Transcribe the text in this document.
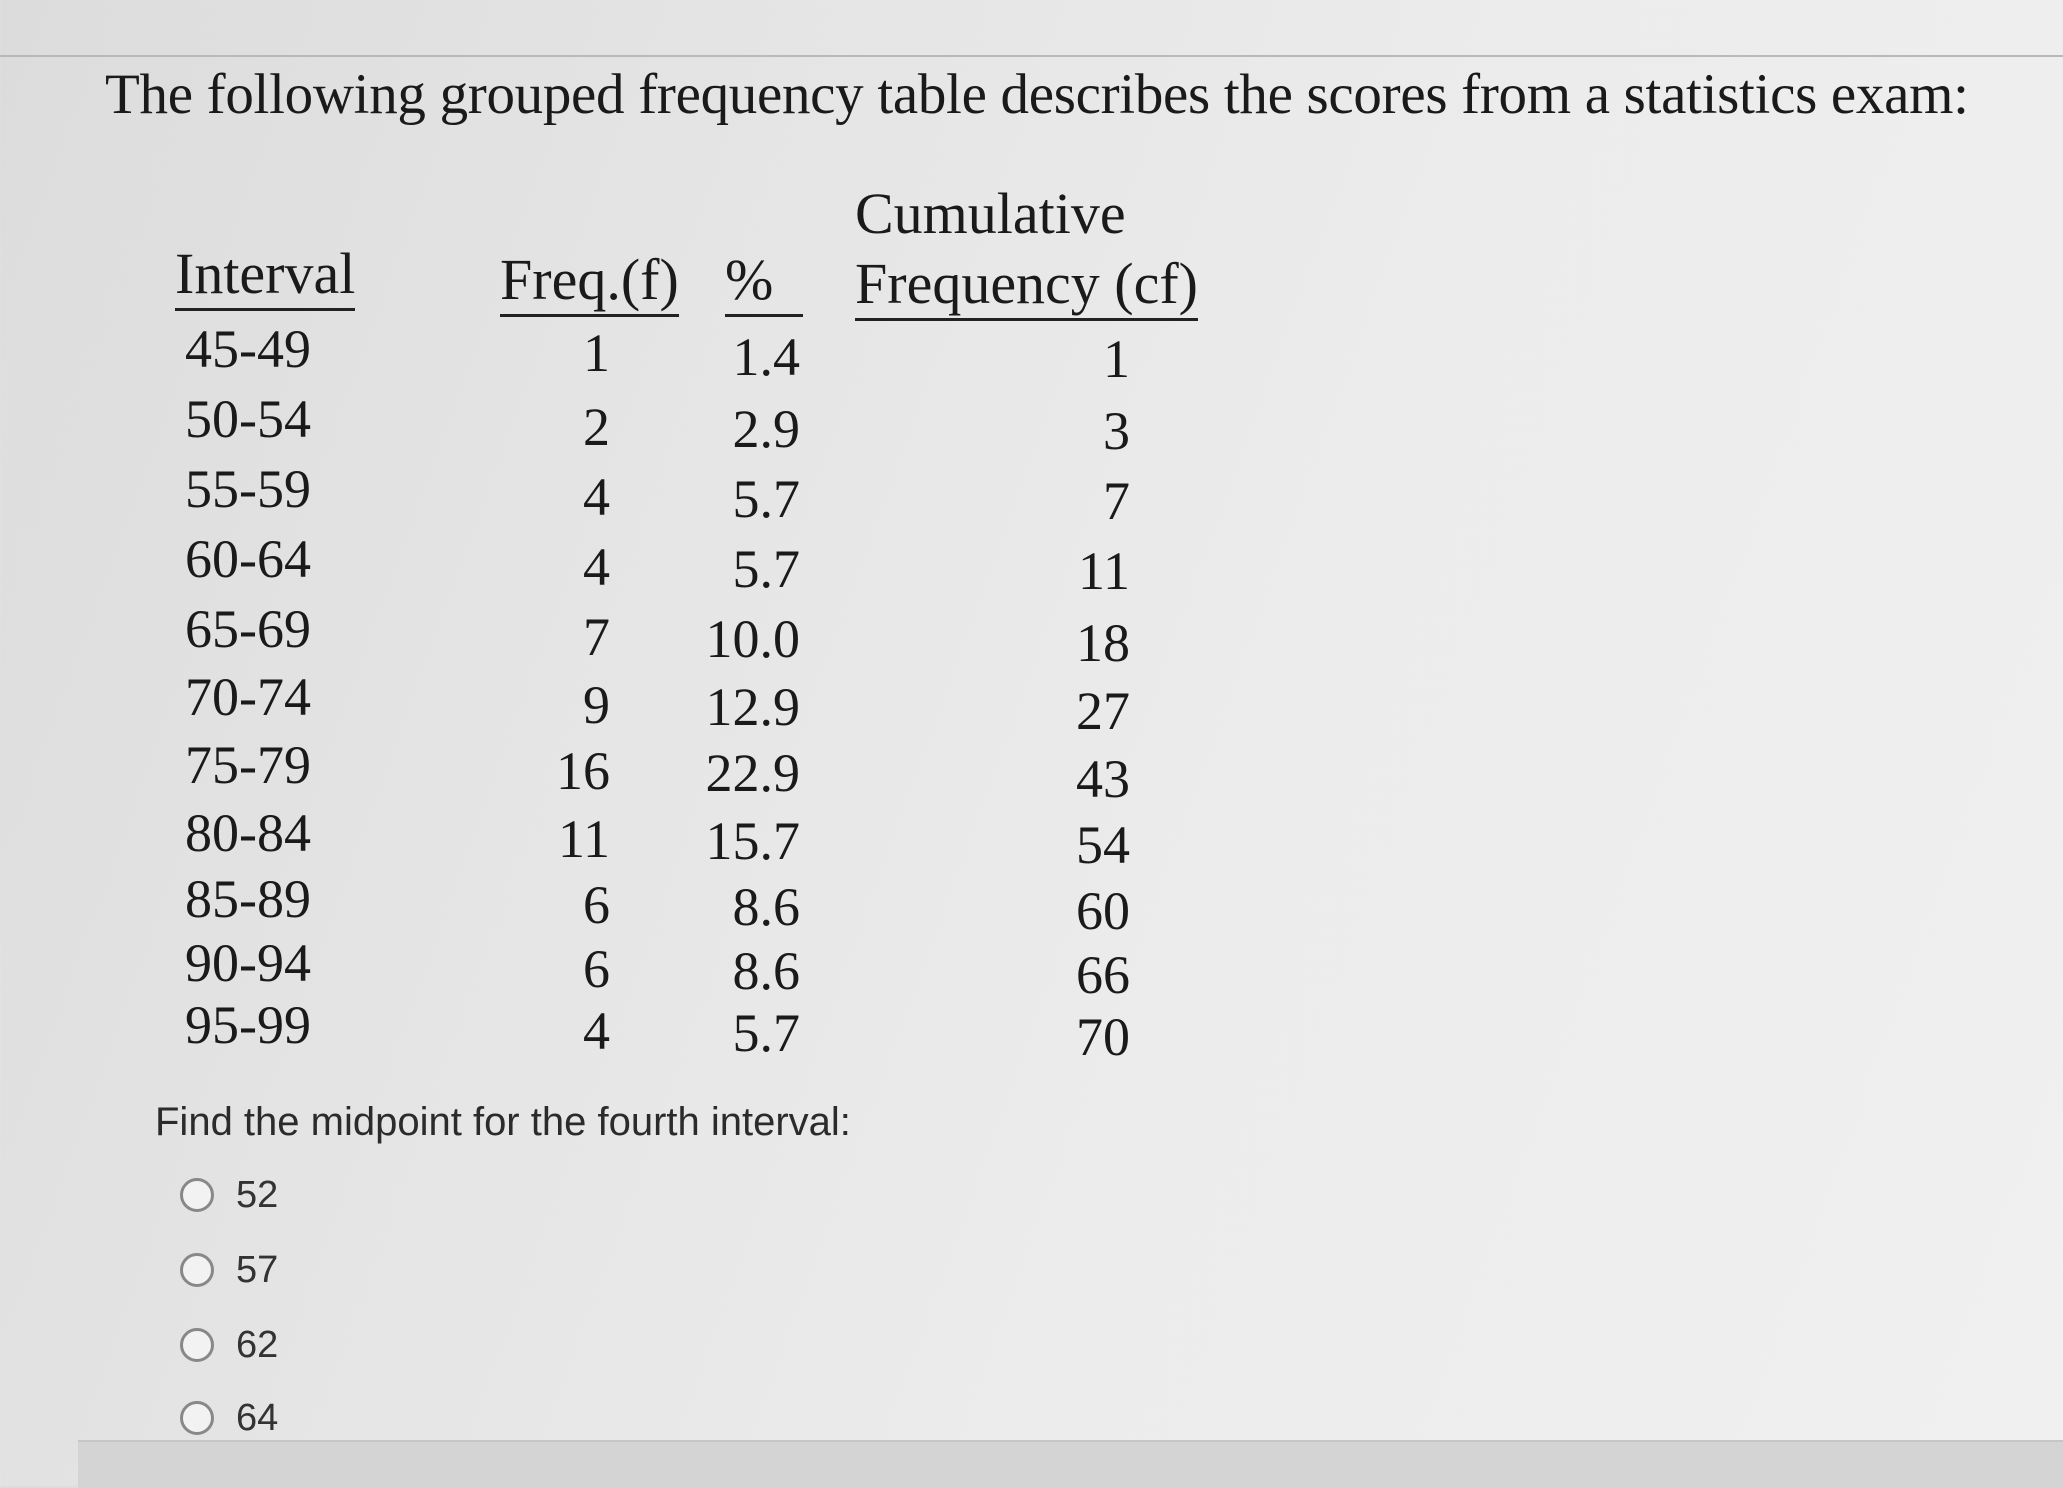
The following grouped frequency table describes the scores from a statistics exam:
Interval Freq.(f) %
Cumulative
Frequency (cf)
45-49	1	1.4	1
50-54	2	2.9	3
55-59	4	5.7	7
60-64	4	5.7	11
65-69	7	10.0	18
70-74	9	12.9	27
75-79	16	22.9	43
80-84	11	15.7	54
85-89	6	8.6	60
90-94	6	8.6	66
95-99	4	5.7	70
Find the midpoint for the fourth interval:
52
57
62
64
